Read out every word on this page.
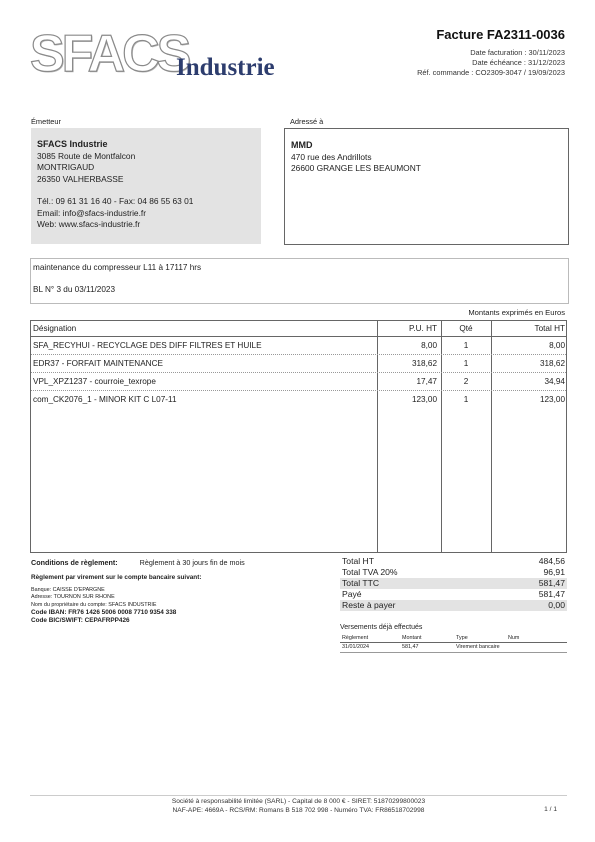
SFACS
Industrie
Facture FA2311-0036
Date facturation : 30/11/2023
Date échéance : 31/12/2023
Réf. commande : CO2309-3047 / 19/09/2023
Émetteur	Adressé à
SFACS Industrie
3085 Route de Montfalcon
MONTRIGAUD
26350 VALHERBASSE
Tél.: 09 61 31 16 40 - Fax: 04 86 55 63 01
Email: info@sfacs-industrie.fr
Web: www.sfacs-industrie.fr
MMD
470 rue des Andrillots
26600 GRANGE LES BEAUMONT
maintenance du compresseur L11 à 17117 hrs
BL N° 3 du 03/11/2023
Montants exprimés en Euros
Désignation	P.U. HT	Qté	Total HT
SFA_RECYHUI - RECYCLAGE DES DIFF FILTRES ET HUILE	8,00	1	8,00
EDR37 - FORFAIT MAINTENANCE	318,62	1	318,62
VPL_XPZ1237 - courroie_texrope	17,47	2	34,94
com_CK2076_1 - MINOR KIT C L07-11	123,00	1	123,00
Conditions de règlement:	Règlement à 30 jours fin de mois
Règlement par virement sur le compte bancaire suivant:
Banque: CAISSE D'EPARGNE
Adresse: TOURNON SUR RHONE
Nom du propriétaire du compte: SFACS INDUSTRIE
Code IBAN: FR76 1426 5006 0008 7710 9354 338
Code BIC/SWIFT: CEPAFRPP426
Total HT	484,56
Total TVA 20%	96,91
Total TTC	581,47
Payé	581,47
Reste à payer	0,00
Versements déjà effectués
Règlement	Montant	Type	Num
31/01/2024	581,47	Virement bancaire
Société à responsabilité limitée (SARL) - Capital de 8 000 € - SIRET: 51870299800023
NAF-APE: 4669A - RCS/RM: Romans B 518 702 998 - Numéro TVA: FR86518702998	1 / 1
